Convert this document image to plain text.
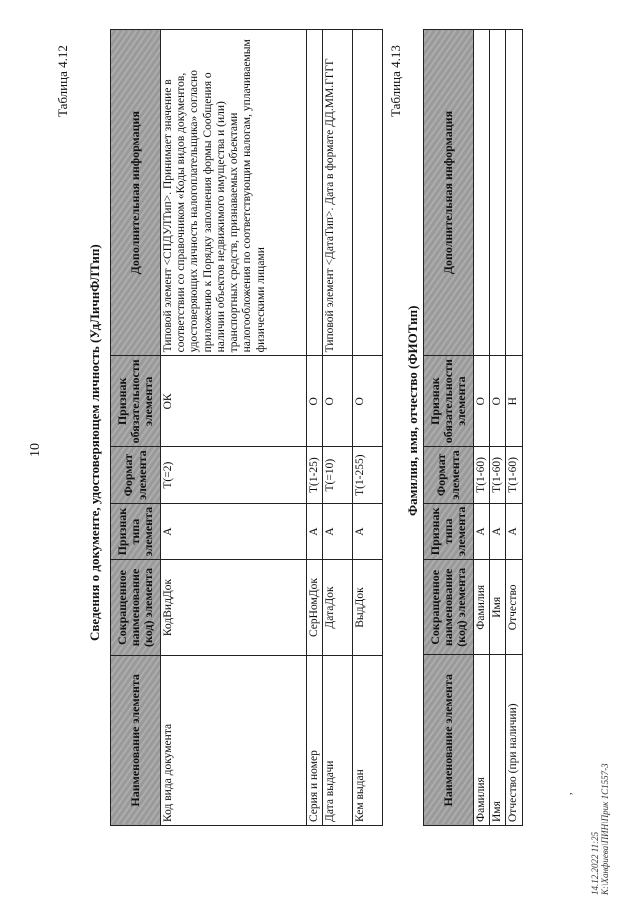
,
10
Таблица 4.12
Сведения о документе, удостоверяющем личность (УдЛичнФЛТип)
Наименование элемента	Сокращенное наименование (код) элемента	Признак типа элемента	Формат элемента	Признак обязательности элемента	Дополнительная информация
Код вида документа	КодВидДок	А	Т(=2)	ОК	Типовой элемент <СПДУЛТип>. Принимает значение в соответствии со справочником «Коды видов документов, удостоверяющих личность налогоплательщика» согласно приложению к Порядку заполнения формы Сообщения о наличии объектов недвижимого имущества и (или) транспортных средств, признаваемых объектами налогообложения по соответствующим налогам, уплачиваемым физическими лицами
Серия и номер	СерНомДок	А	Т(1-25)	О	
Дата выдачи	ДатаДок	А	Т(=10)	О	Типовой элемент <ДатаТип>. Дата в формате ДД.ММ.ГГГГ
Кем выдан	ВыдДок	А	Т(1-255)	О	
Таблица 4.13
Фамилия, имя, отчество (ФИОТип)
Наименование элемента	Сокращенное наименование (код) элемента	Признак типа элемента	Формат элемента	Признак обязательности элемента	Дополнительная информация
Фамилия	Фамилия	А	Т(1-60)	О	
Имя	Имя	А	Т(1-60)	О	
Отчество (при наличии)	Отчество	А	Т(1-60)	Н	
14.12.2022 11:25 К:\Ханфиева\ПИН\Прик 1С1557-3
